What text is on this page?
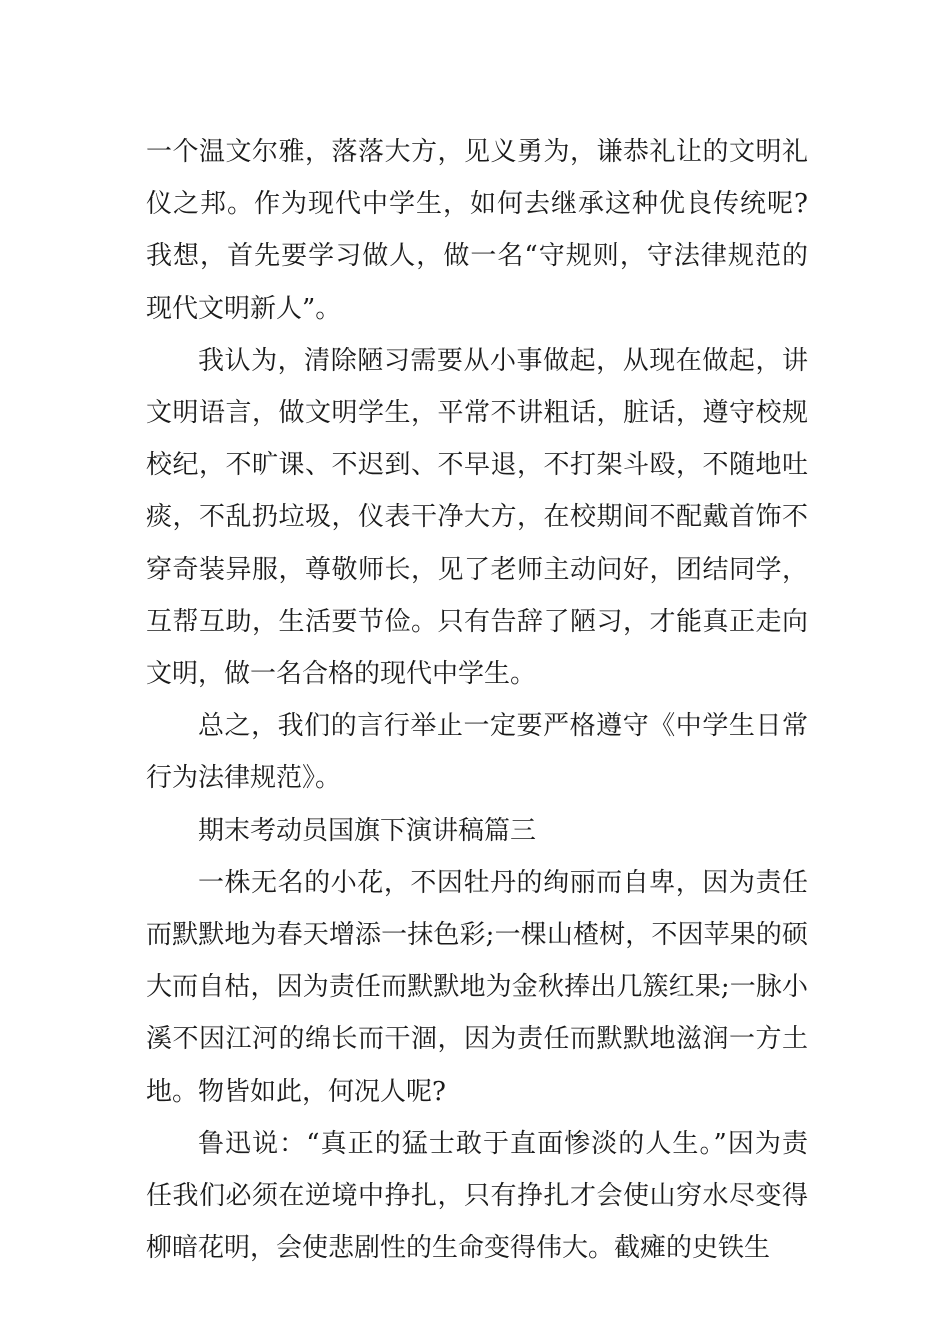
一个温文尔雅，落落大方，见义勇为，谦恭礼让的文明礼仪之邦。作为现代中学生，如何去继承这种优良传统呢?我想，首先要学习做人，做一名“守规则，守法律规范的现代文明新人”。

我认为，清除陋习需要从小事做起，从现在做起，讲文明语言，做文明学生，平常不讲粗话，脏话，遵守校规校纪，不旷课、不迟到、不早退，不打架斗殴，不随地吐痰，不乱扔垃圾，仪表干净大方，在校期间不配戴首饰不穿奇装异服，尊敬师长，见了老师主动问好，团结同学，互帮互助，生活要节俭。只有告辞了陋习，才能真正走向文明，做一名合格的现代中学生。

总之，我们的言行举止一定要严格遵守《中学生日常行为法律规范》。

期末考动员国旗下演讲稿篇三

一株无名的小花，不因牡丹的绚丽而自卑，因为责任而默默地为春天增添一抹色彩;一棵山楂树，不因苹果的硕大而自枯，因为责任而默默地为金秋捧出几簇红果;一脉小溪不因江河的绵长而干涸，因为责任而默默地滋润一方土地。物皆如此，何况人呢?

鲁迅说：“真正的猛士敢于直面惨淡的人生。”因为责任我们必须在逆境中挣扎，只有挣扎才会使山穷水尽变得柳暗花明，会使悲剧性的生命变得伟大。截瘫的史铁生
